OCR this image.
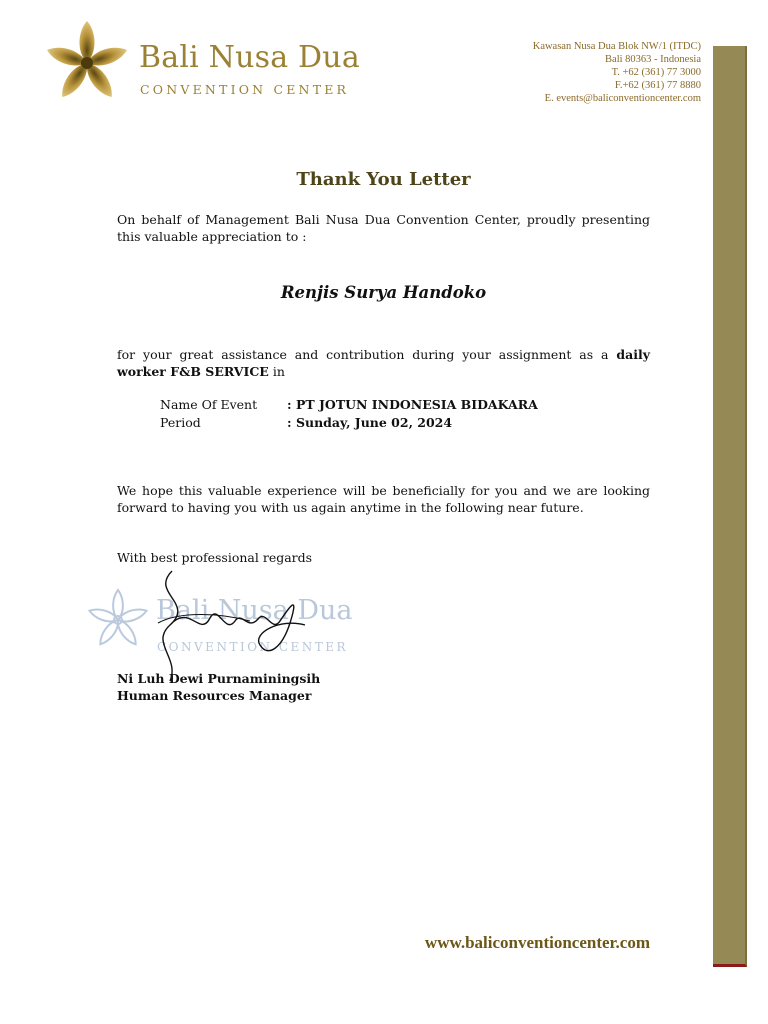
Bali Nusa Dua
CONVENTION CENTER
Kawasan Nusa Dua Blok NW/1 (ITDC)
Bali 80363 - Indonesia
T. +62 (361) 77 3000
F.+62 (361) 77 8880
E. events@baliconventioncenter.com
Thank You Letter
On behalf of Management Bali Nusa Dua Convention Center, proudly presenting this valuable appreciation to :
Renjis Surya Handoko
for your great assistance and contribution during your assignment as a daily worker F&B SERVICE in
Name Of Event	: PT JOTUN INDONESIA BIDAKARA
Period	: Sunday, June 02, 2024
We hope this valuable experience will be beneficially for you and we are looking forward to having you with us again anytime in the following near future.
With best professional regards
Bali Nusa Dua
CONVENTION CENTER
Ni Luh Dewi Purnaminingsih
Human Resources Manager
www.baliconventioncenter.com
